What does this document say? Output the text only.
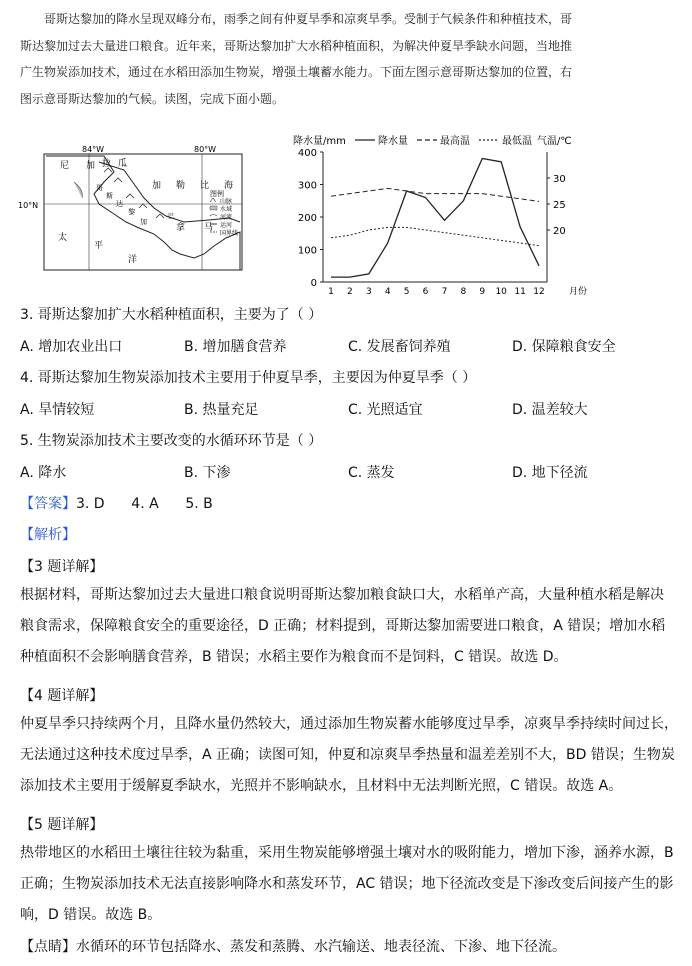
哥斯达黎加的降水呈现双峰分布，雨季之间有仲夏旱季和凉爽旱季。受制于气候条件和种植技术，哥

斯达黎加过去大量进口粮食。近年来，哥斯达黎加扩大水稻种植面积，为解决仲夏旱季缺水问题，当地推

广生物炭添加技术，通过在水稻田添加生物炭，增强土壤蓄水能力。下面左图示意哥斯达黎加的位置，右

图示意哥斯达黎加的气候。读图，完成下面小题。

84°W	80°W
10°N
尼 加 拉 瓜
加 勒 比 海
太
平
洋
哥
斯
达
黎
加
巴
拿 马
图例
山脉
水域
河流
运河
国界线
降水量/mm	气温/℃
月份
0
100
200
300
400
20
25
30
1 2 3 4 5 6 7 8 9 10 11 12
降水量	最高温	最低温
3. 哥斯达黎加扩大水稻种植面积，主要为了（ ）
A. 增加农业出口	B. 增加膳食营养	C. 发展畜饲养殖	D. 保障粮食安全
4. 哥斯达黎加生物炭添加技术主要用于仲夏旱季，主要因为仲夏旱季（ ）
A. 旱情较短	B. 热量充足	C. 光照适宜	D. 温差较大
5. 生物炭添加技术主要改变的水循环环节是（ ）
A. 降水	B. 下渗	C. 蒸发	D. 地下径流
【答案】3. D      4. A      5. B
【解析】
【3 题详解】
根据材料，哥斯达黎加过去大量进口粮食说明哥斯达黎加粮食缺口大，水稻单产高，大量种植水稻是解决
粮食需求，保障粮食安全的重要途径，D 正确；材料提到，哥斯达黎加需要进口粮食，A 错误；增加水稻
种植面积不会影响膳食营养，B 错误；水稻主要作为粮食而不是饲料，C 错误。故选 D。
【4 题详解】
仲夏旱季只持续两个月，且降水量仍然较大，通过添加生物炭蓄水能够度过旱季，凉爽旱季持续时间过长，
无法通过这种技术度过旱季，A 正确；读图可知，仲夏和凉爽旱季热量和温差差别不大，BD 错误；生物炭
添加技术主要用于缓解夏季缺水，光照并不影响缺水，且材料中无法判断光照，C 错误。故选 A。
【5 题详解】
热带地区的水稻田土壤往往较为黏重，采用生物炭能够增强土壤对水的吸附能力，增加下渗，涵养水源，B
正确；生物炭添加技术无法直接影响降水和蒸发环节，AC 错误；地下径流改变是下渗改变后间接产生的影
响，D 错误。故选 B。
【点睛】水循环的环节包括降水、蒸发和蒸腾、水汽输送、地表径流、下渗、地下径流。
